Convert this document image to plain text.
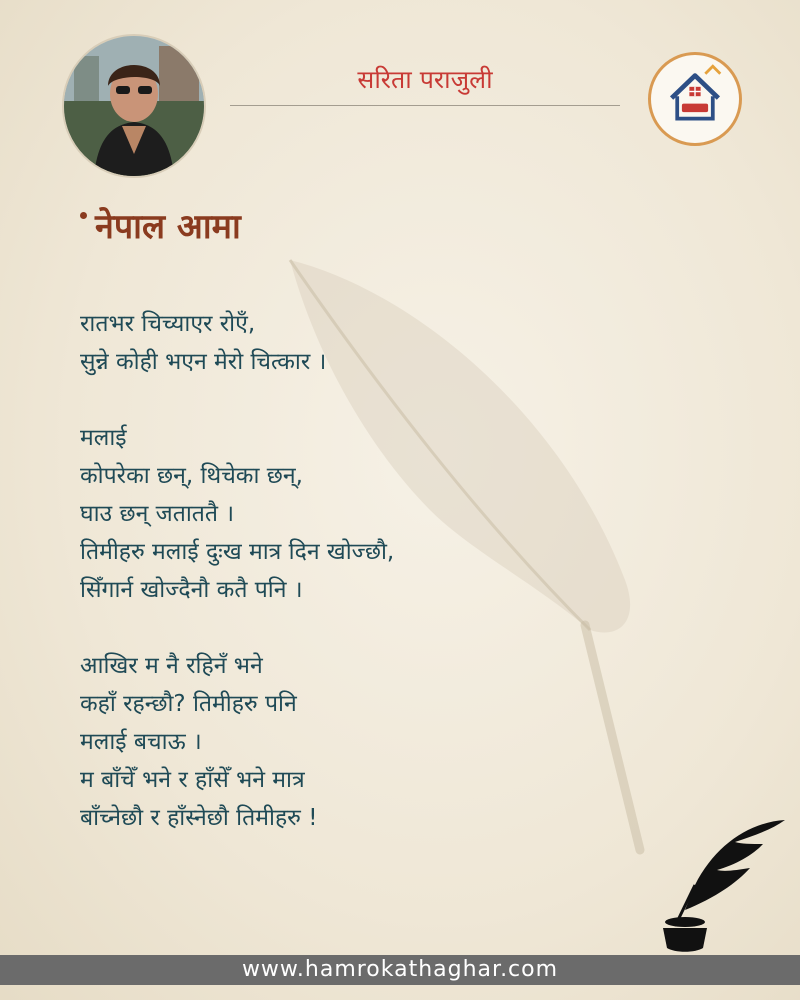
सरिता पराजुली
नेपाल आमा
रातभर चिच्याएर रोएँ,
सुन्ने कोही भएन मेरो चित्कार ।
मलाई
कोपरेका छन्, थिचेका छन्,
घाउ छन् जताततै ।
तिमीहरु मलाई दुःख मात्र दिन खोज्छौ,
सिँगार्न खोज्दैनौ कतै पनि ।
आखिर म नै रहिनँ भने
कहाँ रहन्छौ? तिमीहरु पनि
मलाई बचाऊ ।
म बाँचेँ भने र हाँसेँ भने मात्र
बाँच्नेछौ र हाँस्नेछौ तिमीहरु !
www.hamrokathaghar.com
